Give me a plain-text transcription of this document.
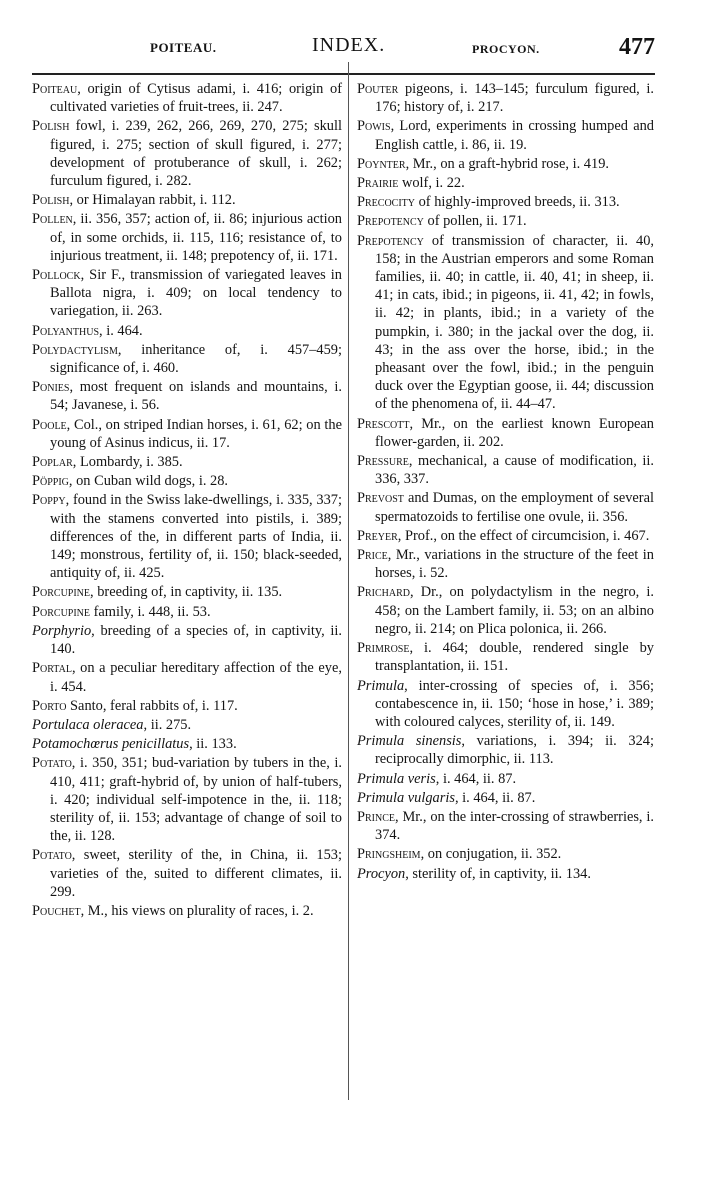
POITEAU.	INDEX.	PROCYON.	477
Poiteau, origin of Cytisus adami, i. 416; origin of cultivated varieties of fruit-trees, ii. 247.
Polish fowl, i. 239, 262, 266, 269, 270, 275; skull figured, i. 275; section of skull figured, i. 277; development of protuberance of skull, i. 262; furculum figured, i. 282.
Polish, or Himalayan rabbit, i. 112.
Pollen, ii. 356, 357; action of, ii. 86; injurious action of, in some orchids, ii. 115, 116; resistance of, to injurious treatment, ii. 148; prepotency of, ii. 171.
Pollock, Sir F., transmission of variegated leaves in Ballota nigra, i. 409; on local tendency to variegation, ii. 263.
Polyanthus, i. 464.
Polydactylism, inheritance of, i. 457–459; significance of, i. 460.
Ponies, most frequent on islands and mountains, i. 54; Javanese, i. 56.
Poole, Col., on striped Indian horses, i. 61, 62; on the young of Asinus indicus, ii. 17.
Poplar, Lombardy, i. 385.
Pöppig, on Cuban wild dogs, i. 28.
Poppy, found in the Swiss lake-dwellings, i. 335, 337; with the stamens converted into pistils, i. 389; differences of the, in different parts of India, ii. 149; monstrous, fertility of, ii. 150; black-seeded, antiquity of, ii. 425.
Porcupine, breeding of, in captivity, ii. 135.
Porcupine family, i. 448, ii. 53.
Porphyrio, breeding of a species of, in captivity, ii. 140.
Portal, on a peculiar hereditary affection of the eye, i. 454.
Porto Santo, feral rabbits of, i. 117.
Portulaca oleracea, ii. 275.
Potamochœrus penicillatus, ii. 133.
Potato, i. 350, 351; bud-variation by tubers in the, i. 410, 411; graft-hybrid of, by union of half-tubers, i. 420; individual self-impotence in the, ii. 118; sterility of, ii. 153; advantage of change of soil to the, ii. 128.
Potato, sweet, sterility of the, in China, ii. 153; varieties of the, suited to different climates, ii. 299.
Pouchet, M., his views on plurality of races, i. 2.
Pouter pigeons, i. 143–145; furculum figured, i. 176; history of, i. 217.
Powis, Lord, experiments in crossing humped and English cattle, i. 86, ii. 19.
Poynter, Mr., on a graft-hybrid rose, i. 419.
Prairie wolf, i. 22.
Precocity of highly-improved breeds, ii. 313.
Prepotency of pollen, ii. 171.
Prepotency of transmission of character, ii. 40, 158; in the Austrian emperors and some Roman families, ii. 40; in cattle, ii. 40, 41; in sheep, ii. 41; in cats, ibid.; in pigeons, ii. 41, 42; in fowls, ii. 42; in plants, ibid.; in a variety of the pumpkin, i. 380; in the jackal over the dog, ii. 43; in the ass over the horse, ibid.; in the pheasant over the fowl, ibid.; in the penguin duck over the Egyptian goose, ii. 44; discussion of the phenomena of, ii. 44–47.
Prescott, Mr., on the earliest known European flower-garden, ii. 202.
Pressure, mechanical, a cause of modification, ii. 336, 337.
Prevost and Dumas, on the employment of several spermatozoids to fertilise one ovule, ii. 356.
Preyer, Prof., on the effect of circumcision, i. 467.
Price, Mr., variations in the structure of the feet in horses, i. 52.
Prichard, Dr., on polydactylism in the negro, i. 458; on the Lambert family, ii. 53; on an albino negro, ii. 214; on Plica polonica, ii. 266.
Primrose, i. 464; double, rendered single by transplantation, ii. 151.
Primula, inter-crossing of species of, i. 356; contabescence in, ii. 150; ‘hose in hose,’ i. 389; with coloured calyces, sterility of, ii. 149.
Primula sinensis, variations, i. 394; ii. 324; reciprocally dimorphic, ii. 113.
Primula veris, i. 464, ii. 87.
Primula vulgaris, i. 464, ii. 87.
Prince, Mr., on the inter-crossing of strawberries, i. 374.
Pringsheim, on conjugation, ii. 352.
Procyon, sterility of, in captivity, ii. 134.
